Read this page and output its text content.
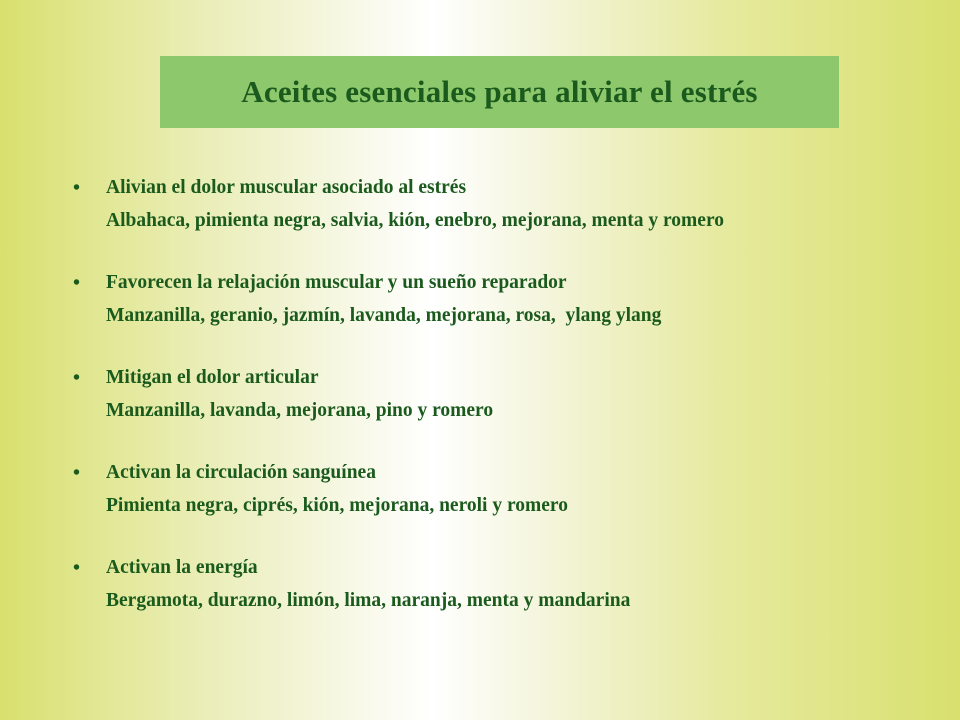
Aceites esenciales para aliviar el estrés
• Alivian el dolor muscular asociado al estrés
Albahaca, pimienta negra, salvia, kión, enebro, mejorana, menta y romero
• Favorecen la relajación muscular y un sueño reparador
Manzanilla, geranio, jazmín, lavanda, mejorana, rosa,  ylang ylang
• Mitigan el dolor articular
Manzanilla, lavanda, mejorana, pino y romero
• Activan la circulación sanguínea
Pimienta negra, ciprés, kión, mejorana, neroli y romero
• Activan la energía
Bergamota, durazno, limón, lima, naranja, menta y mandarina
